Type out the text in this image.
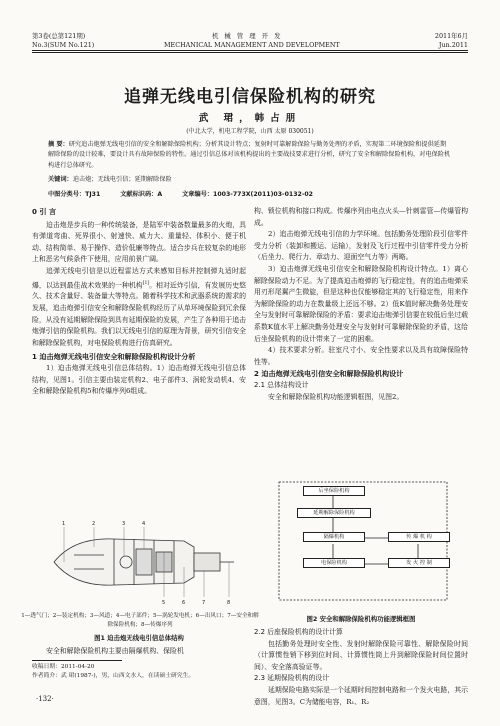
第3卷(总第121期)	机 械 管 理 开 发	2011年6月
No.3(SUM No.121)	MECHANICAL MANAGEMENT AND DEVELOPMENT	Jun.2011
追弹无线电引信保险机构的研究
武 珺，韩占朋
(中北大学，机电工程学院，山西 太原 030051)
摘 要：研究追击炮弹无线电引信的安全和解除保险机构；分析其设计特点；复射时可靠解除保险与勤务处理的矛盾，实现第二环境保险和提供延期解除保险的设计较难，要设计具有故障保险的特性。通过引信总体对该机构提出的主要战技要求进行分析，研究了安全和解除保险机构，对电保险机构进行总体研究。
关键词：迫击炮；无线电引信；延期解除保险
中图分类号：TJ31	文献标识码：A	文章编号：1003-773X(2011)03-0132-02

0 引 言

迫击炮是步兵的一种传统装备，是陆军中装备数量最多的火炮，具有弹道弯曲、死界很小、射速快、威力大、重量轻、体积小、便于机动、结构简单、易于操作、造价低廉等特点。适合步兵在较复杂的地形上和恶劣气候条件下使用，应用前景广阔。

追弹无线电引信是以近程雷达方式来感知目标并控制弹丸适时起爆，以达到最佳战术效果的一种机构[1]。相对近炸引信，有发展历史悠久、技术含量好、装备量大等特点。随着科学技术和武器系统的需求的发展，追击炮弹引信安全和解除保险机构经历了从单环境保险到冗余保险，从没有延期解除保险到具有延期保险的发展，产生了各种用于追击炮弹引信的保险机构。我们以无线电引信的原理为背景，研究引信安全和解除保险机构，对电保险机构进行仿真研究。

1 迫击炮弹无线电引信安全和解除保险机构设计分析

1）迫击炮弹无线电引信总体结构。1）迫击炮弹无线电引信总体结构，见图1。引信主要由装定机构2、电子部件3、涡轮发动机4、安全和解除保险机构5和传爆序列6组成。

1	2	3	4
5	6	7	8
1—透气门；2—装定机构；3—风道；4—电子部件；5—涡轮发电机；6—出风口；7—安全和解除保险机构；8—传爆序列
图1 迫击炮无线电引信总体结构

安全和解除保险机构主要由隔爆机构、保险机

构、锁位机构和接口构成。传爆序列由电点火头—针刺雷管—传爆管构成。

2）追击炮弹无线电引信的力学环境。包括勤务处理阶段引信零件受力分析（装卸和搬运、运输），发射及飞行过程中引信零件受力分析（后坐力、爬行力、章动力、迎面空气力等）两略。

3）迫击炮弹无线电引信安全和解除保险机构设计特点。1）离心解除保险动力不足。为了提高迫击炮弹的飞行稳定性，有的追击炮弹采用刃形尾翼产生微旋，但是这种也仅能够稳定其的飞行稳定性，用来作为解除保险的动力在数量级上还远不够。2）低K值时解决勤务处理安全与发射时可靠解除保险的矛盾：要求迫击炮弹引信要在较低后坐过载系数K值水平上解决勤务处理安全与发射时可靠解除保险的矛盾，这给后坐保险机构的设计带来了一定的困难。

4）技术要求分析。驻室尺寸小、安全性要求以及具有故障保险特性等。

2 迫击炮弹无线电引信安全和解除保险机构设计

2.1 总体结构设计

安全和解除保险机构功能逻辑框图，见图2。

后坐保险机构
延期解除保险机构
传 爆 机 构
隔爆机构
电保险机构	发 火 控 制
图2 安全和解除保险机构功能逻辑框图

2.2 后座保险机构的设计计算

包括勤务处理时安全性、发射时解除保险可靠性、解除保险时间（计算惯性销下移到位时间、计算惯性筒上升到解除保险时间位置时间）、安全落高验证等。

2.3 延期保险机构的设计

延期保险电路实际是一个延期时间控制电路和一个发火电路，其示意图，见图3。C为储能电容，R₁、R₂

收稿日期：2011-04-20
作者简介：武 珺(1987-)，男，山西文水人，在读硕士研究生。
·132·
